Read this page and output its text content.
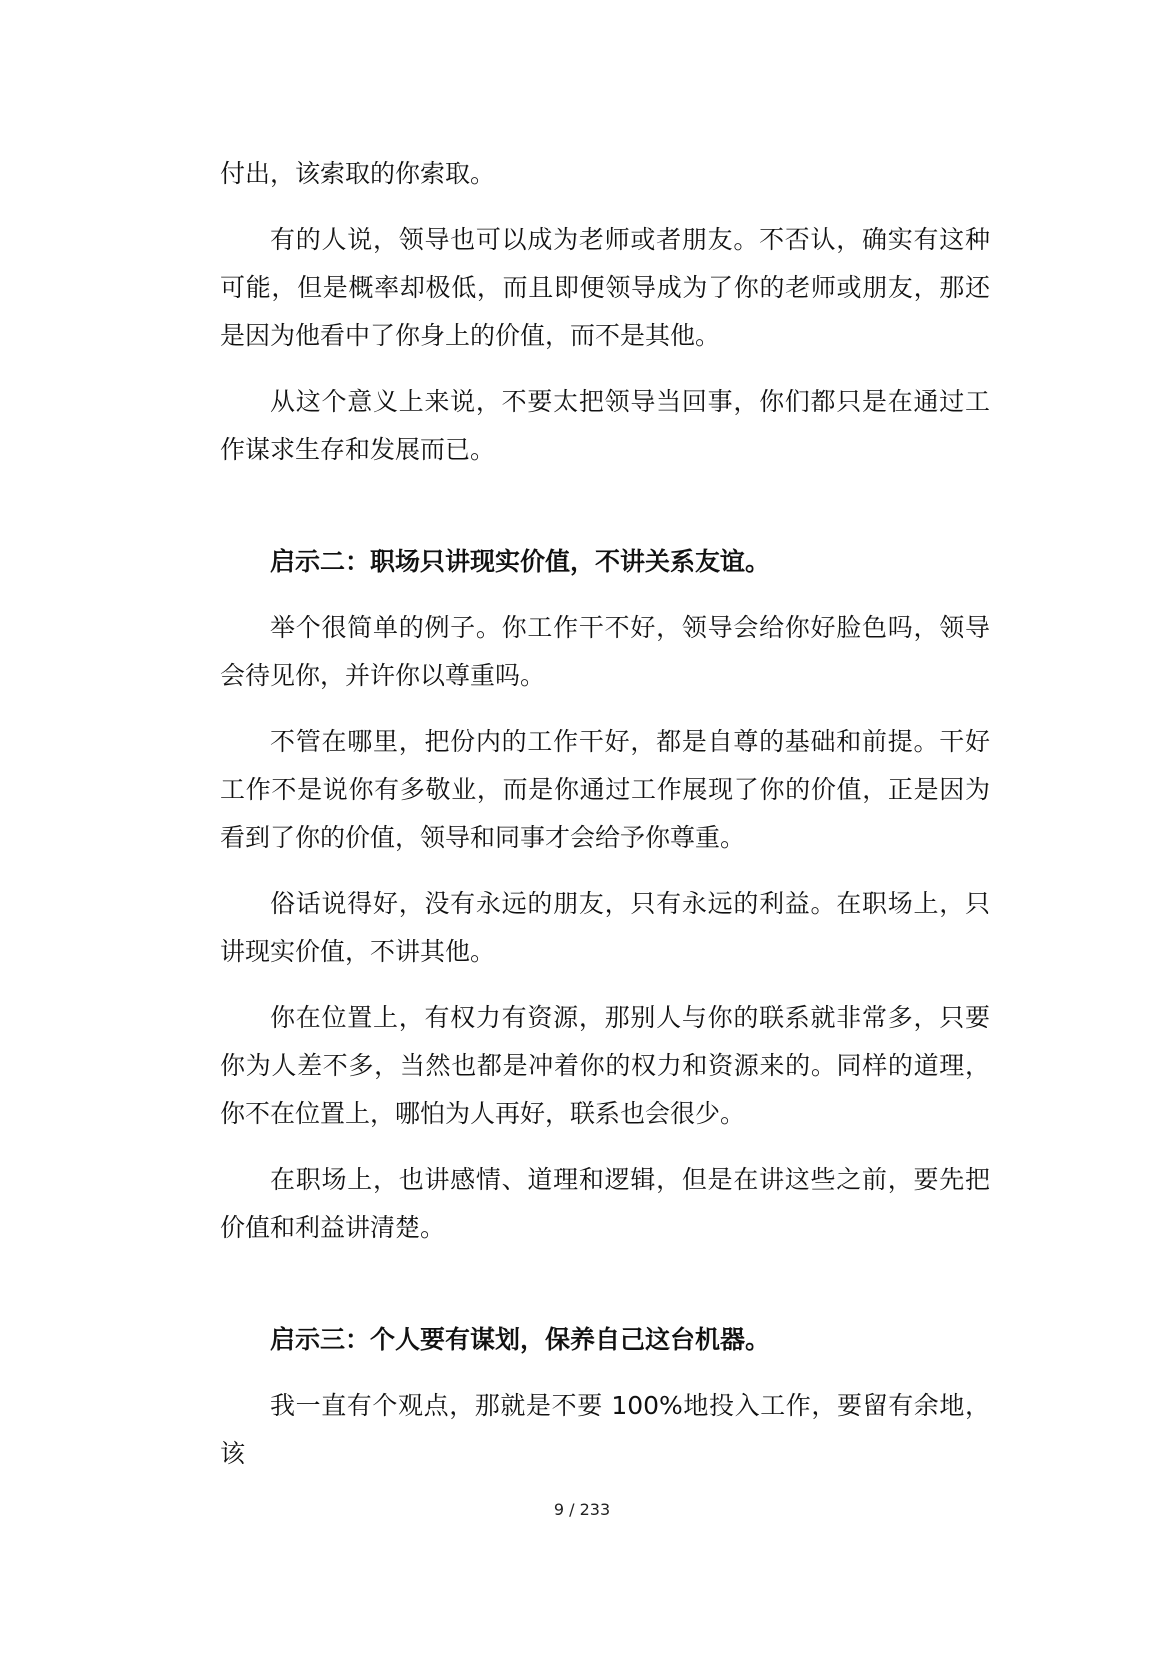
付出，该索取的你索取。

有的人说，领导也可以成为老师或者朋友。不否认，确实有这种可能，但是概率却极低，而且即便领导成为了你的老师或朋友，那还是因为他看中了你身上的价值，而不是其他。

从这个意义上来说，不要太把领导当回事，你们都只是在通过工作谋求生存和发展而已。

启示二：职场只讲现实价值，不讲关系友谊。

举个很简单的例子。你工作干不好，领导会给你好脸色吗，领导会待见你，并许你以尊重吗。

不管在哪里，把份内的工作干好，都是自尊的基础和前提。干好工作不是说你有多敬业，而是你通过工作展现了你的价值，正是因为看到了你的价值，领导和同事才会给予你尊重。

俗话说得好，没有永远的朋友，只有永远的利益。在职场上，只讲现实价值，不讲其他。

你在位置上，有权力有资源，那别人与你的联系就非常多，只要你为人差不多，当然也都是冲着你的权力和资源来的。同样的道理，你不在位置上，哪怕为人再好，联系也会很少。

在职场上，也讲感情、道理和逻辑，但是在讲这些之前，要先把价值和利益讲清楚。

启示三：个人要有谋划，保养自己这台机器。

我一直有个观点，那就是不要 100%地投入工作，要留有余地，该

9 / 233
